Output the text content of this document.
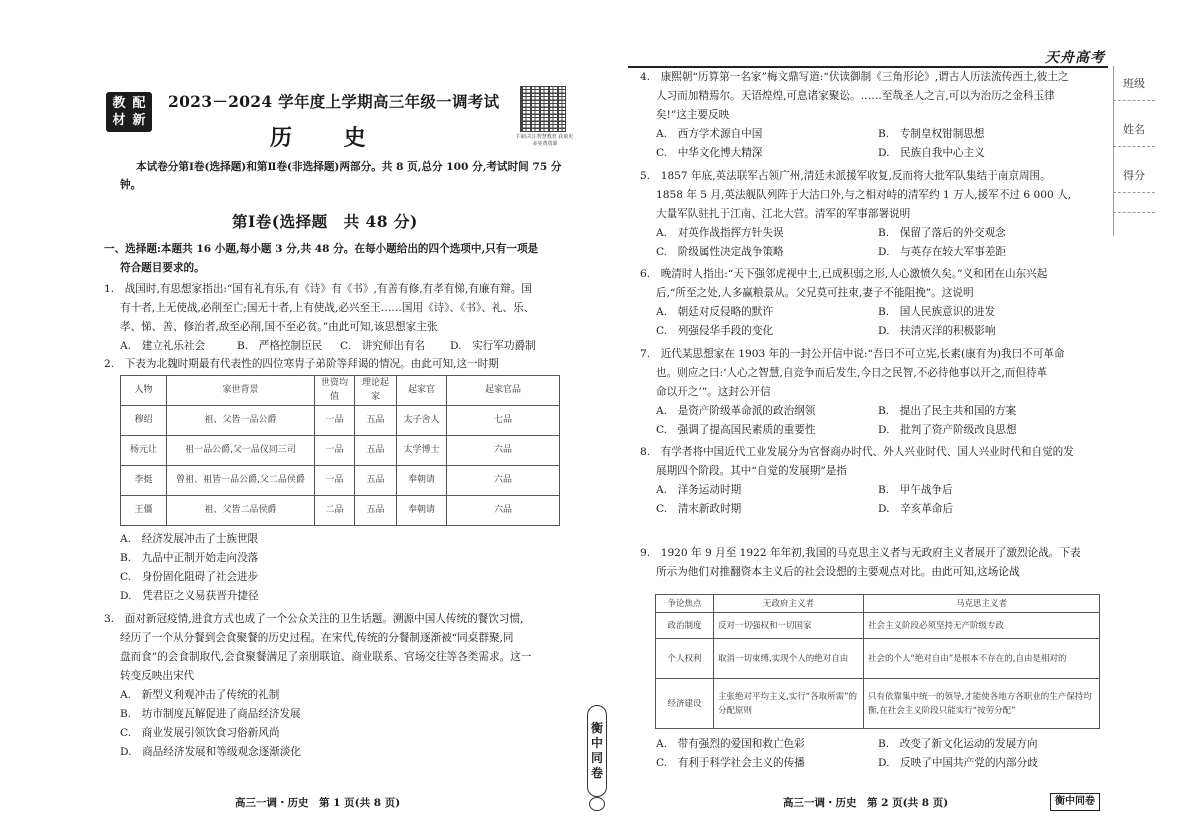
教 配
材 新
2023－2024 学年度上学期高三年级一调考试
历 史	扫码关注智慧教育 获取更多免费资源
本试卷分第Ⅰ卷(选择题)和第Ⅱ卷(非选择题)两部分。共 8 页,总分 100 分,考试时间 75 分钟。
第Ⅰ卷(选择题　共 48 分)

一、选择题:本题共 16 小题,每小题 3 分,共 48 分。在每小题给出的四个选项中,只有一项是

符合题目要求的。

1.　战国时,有思想家指出:“国有礼有乐,有《诗》有《书》,有善有修,有孝有悌,有廉有辩。国
有十者,上无使战,必削至亡;国无十者,上有使战,必兴至王……国用《诗》、《书》、礼、乐、
孝、悌、善、修治者,敌至必削,国不至必贫。”由此可知,该思想家主张
A.　建立礼乐社会	B.　严格控制臣民	C.　讲究师出有名	D.　实行军功爵制
2.　下表为北魏时期最有代表性的四位寒胄子弟阶等拜谒的情况。由此可知,这一时期
人物	家世背景	世资均值	理论起家	起家官	起家官品
穆绍	祖、父皆一品公爵	一品	五品	太子舍人	七品
杨元让	祖一品公爵,父一品仪同三司	一品	五品	太学博士	六品
李挺	曾祖、祖皆一品公爵,父二品侯爵	一品	五品	奉朝请	六品
王僵	祖、父皆二品侯爵	二品	五品	奉朝请	六品
A.　经济发展冲击了士族世限
B.　九品中正制开始走向没落
C.　身份固化阻碍了社会进步
D.　凭君臣之义易获晋升捷径
3.　面对新冠疫情,进食方式也成了一个公众关注的卫生话题。溯源中国人传统的餐饮习惯,
经历了一个从分餐到会食聚餐的历史过程。在宋代,传统的分餐制逐渐被“同桌群聚,同
盘而食”的会食制取代,会食聚餐满足了亲朋联谊、商业联系、官场交往等各类需求。这一
转变反映出宋代
A.　新型义利观冲击了传统的礼制
B.　坊市制度瓦解促进了商品经济发展
C.　商业发展引领饮食习俗新风尚
D.　商品经济发展和等级观念逐渐淡化
衡
中
同
卷
高三一调・历史　第 1 页(共 8 页)
天舟高考
班级
姓名
得分
4.　康熙朝“历算第一名家”梅文鼎写道:“伏读御制《三角形论》,谓古人历法流传西土,彼土之
人习而加精焉尔。天语煌煌,可息诸家聚讼。……至哉圣人之言,可以为治历之金科玉律
矣!”这主要反映
A.　西方学术源自中国	B.　专制皇权钳制思想
C.　中华文化博大精深	D.　民族自我中心主义
5.　1857 年底,英法联军占领广州,清廷未派援军收复,反而将大批军队集结于南京周围。
1858 年 5 月,英法舰队列阵于大沽口外,与之相对峙的清军约 1 万人,援军不过 6 000 人,
大量军队驻扎于江南、江北大营。清军的军事部署说明
A.　对英作战指挥方针失误	B.　保留了落后的外交观念
C.　阶级属性决定战争策略	D.　与英存在较大军事差距
6.　晚清时人指出:“天下强邻虎视中土,已成积弱之形,人心激愤久矣。”义和团在山东兴起
后,“所至之处,人多赢粮景从。父兄莫可拄束,妻子不能阻挽”。这说明
A.　朝廷对反侵略的默许	B.　国人民族意识的进发
C.　列强侵华手段的变化	D.　扶清灭洋的积极影响
7.　近代某思想家在 1903 年的一封公开信中说:“吾曰不可立宪,长素(康有为)我曰不可革命
也。则应之曰:‘人心之智慧,自竞争而后发生,今日之民智,不必待他事以开之,而但待革
命以开之’”。这封公开信
A.　是资产阶级革命派的政治纲领	B.　提出了民主共和国的方案
C.　强调了提高国民素质的重要性	D.　批判了资产阶级改良思想
8.　有学者将中国近代工业发展分为官督商办时代、外人兴业时代、国人兴业时代和自觉的发
展期四个阶段。其中“自觉的发展期”是指
A.　洋务运动时期	B.　甲午战争后
C.　清末新政时期	D.　辛亥革命后
9.　1920 年 9 月至 1922 年年初,我国的马克思主义者与无政府主义者展开了激烈论战。下表
所示为他们对推翻资本主义后的社会设想的主要观点对比。由此可知,这场论战
争论焦点	无政府主义者	马克思主义者
政治制度	反对一切强权和一切国家	社会主义阶段必须坚持无产阶级专政
个人权利	取消一切束缚,实现个人的绝对自由	社会的个人“绝对自由”是根本不存在的,自由是相对的
经济建设	主张绝对平均主义,实行“各取所需”的分配原则	只有依靠集中统一的领导,才能使各地方各职业的生产保持均衡,在社会主义阶段只能实行“按劳分配”
A.　带有强烈的爱国和救亡色彩	B.　改变了新文化运动的发展方向
C.　有利于科学社会主义的传播	D.　反映了中国共产党的内部分歧
高三一调・历史　第 2 页(共 8 页)	衡中同卷
